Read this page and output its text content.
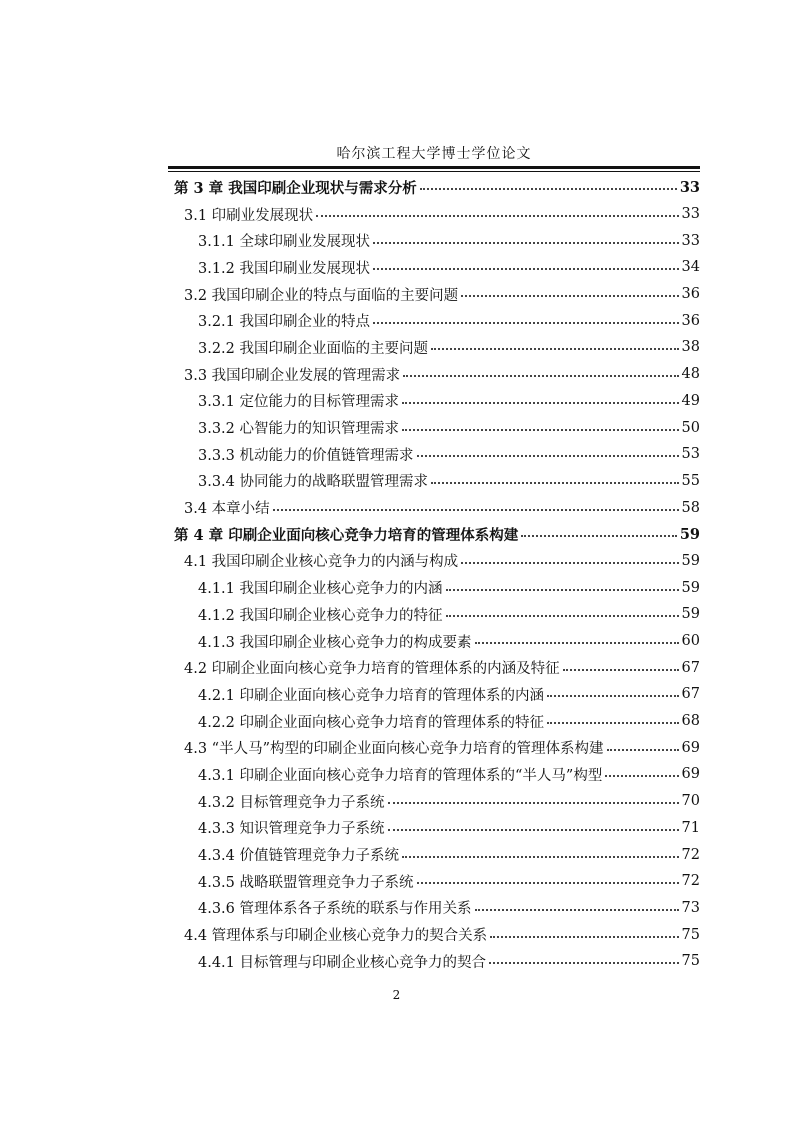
哈尔滨工程大学博士学位论文
第 3 章 我国印刷企业现状与需求分析	33
3.1 印刷业发展现状	33
3.1.1 全球印刷业发展现状	33
3.1.2 我国印刷业发展现状	34
3.2 我国印刷企业的特点与面临的主要问题	36
3.2.1 我国印刷企业的特点	36
3.2.2 我国印刷企业面临的主要问题	38
3.3 我国印刷企业发展的管理需求	48
3.3.1 定位能力的目标管理需求	49
3.3.2 心智能力的知识管理需求	50
3.3.3 机动能力的价值链管理需求	53
3.3.4 协同能力的战略联盟管理需求	55
3.4 本章小结	58
第 4 章 印刷企业面向核心竞争力培育的管理体系构建	59
4.1 我国印刷企业核心竞争力的内涵与构成	59
4.1.1 我国印刷企业核心竞争力的内涵	59
4.1.2 我国印刷企业核心竞争力的特征	59
4.1.3 我国印刷企业核心竞争力的构成要素	60
4.2 印刷企业面向核心竞争力培育的管理体系的内涵及特征	67
4.2.1 印刷企业面向核心竞争力培育的管理体系的内涵	67
4.2.2 印刷企业面向核心竞争力培育的管理体系的特征	68
4.3 “半人马”构型的印刷企业面向核心竞争力培育的管理体系构建	69
4.3.1 印刷企业面向核心竞争力培育的管理体系的“半人马”构型	69
4.3.2 目标管理竞争力子系统	70
4.3.3 知识管理竞争力子系统	71
4.3.4 价值链管理竞争力子系统	72
4.3.5 战略联盟管理竞争力子系统	72
4.3.6 管理体系各子系统的联系与作用关系	73
4.4 管理体系与印刷企业核心竞争力的契合关系	75
4.4.1 目标管理与印刷企业核心竞争力的契合	75
2
